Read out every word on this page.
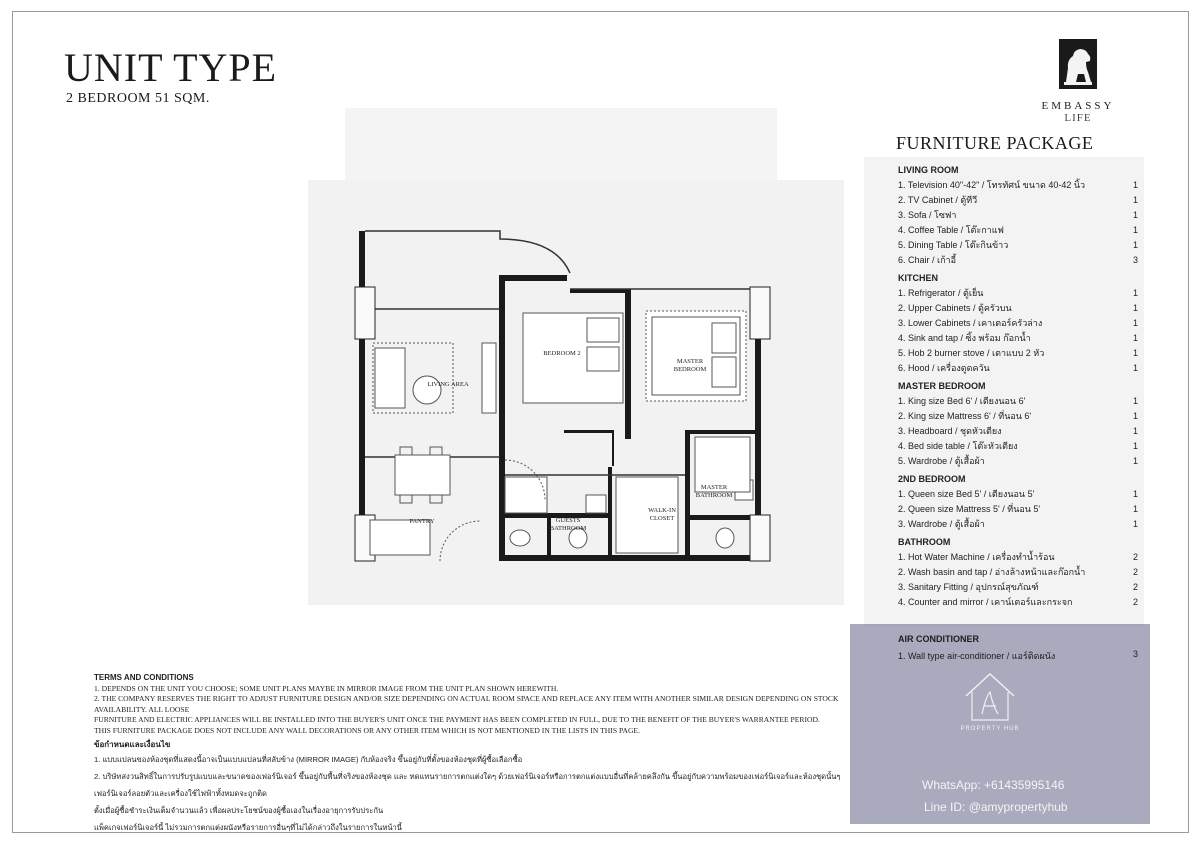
UNIT TYPE
2 BEDROOM 51 SQM.	EMBASSY
LIFE
LIVING AREA
BEDROOM 2
MASTER
BEDROOM
PANTRY	GUESTS
BATHROOM
WALK-IN
CLOSET
MASTER
BATHROOM
FURNITURE PACKAGE
LIVING ROOM
1. Television 40"-42" / โทรทัศน์ ขนาด 40-42 นิ้ว	1
2. TV Cabinet / ตู้ทีวี	1
3. Sofa / โซฟา	1
4. Coffee Table / โต๊ะกาแฟ	1
5. Dining Table / โต๊ะกินข้าว	1
6. Chair / เก้าอี้	3
KITCHEN
1. Refrigerator / ตู้เย็น	1
2. Upper Cabinets / ตู้ครัวบน	1
3. Lower Cabinets / เคาเตอร์ครัวล่าง	1
4. Sink and tap / ซิ้ง พร้อม ก๊อกน้ำ	1
5. Hob 2 burner stove / เตาแบบ 2 หัว	1
6. Hood / เครื่องดูดควัน	1
MASTER BEDROOM
1. King size Bed 6' / เตียงนอน 6'	1
2. King size Mattress 6' / ที่นอน 6'	1
3. Headboard / ชุดหัวเตียง	1
4. Bed side table / โต๊ะหัวเตียง	1
5. Wardrobe / ตู้เสื้อผ้า	1
2ND BEDROOM
1. Queen size Bed 5' / เตียงนอน 5'	1
2. Queen size Mattress 5' / ที่นอน 5'	1
3. Wardrobe / ตู้เสื้อผ้า	1
BATHROOM
1. Hot Water Machine / เครื่องทำน้ำร้อน	2
2. Wash basin and tap / อ่างล้างหน้าและก๊อกน้ำ	2
3. Sanitary Fitting / อุปกรณ์สุขภัณฑ์	2
4. Counter and mirror / เคาน์เตอร์และกระจก	2
TERMS AND CONDITIONS
1. DEPENDS ON THE UNIT YOU CHOOSE; SOME UNIT PLANS MAYBE IN MIRROR IMAGE FROM THE UNIT PLAN SHOWN HEREWITH.
2. THE COMPANY RESERVES THE RIGHT TO ADJUST FURNITURE DESIGN AND/OR SIZE DEPENDING ON ACTUAL ROOM SPACE AND REPLACE ANY ITEM WITH ANOTHER SIMILAR DESIGN DEPENDING ON STOCK AVAILABILITY. ALL LOOSE
FURNITURE AND ELECTRIC APPLIANCES WILL BE INSTALLED INTO THE BUYER'S UNIT ONCE THE PAYMENT HAS BEEN COMPLETED IN FULL, DUE TO THE BENEFIT OF THE BUYER'S WARRANTEE PERIOD.
THIS FURNITURE PACKAGE DOES NOT INCLUDE ANY WALL DECORATIONS OR ANY OTHER ITEM WHICH IS NOT MENTIONED IN THE LISTS IN THIS PAGE.
ข้อกำหนดและเงื่อนไข
1. แบบแปลนของห้องชุดที่แสดงนี้อาจเป็นแบบแปลนที่สลับข้าง (MIRROR IMAGE) กับห้องจริง ขึ้นอยู่กับที่ตั้งของห้องชุดที่ผู้ซื้อเลือกซื้อ
2. บริษัทสงวนสิทธิ์ในการปรับรูปแบบและขนาดของเฟอร์นิเจอร์ ขึ้นอยู่กับพื้นที่จริงของห้องชุด และ ทดแทนรายการตกแต่งใดๆ ด้วยเฟอร์นิเจอร์หรือการตกแต่งแบบอื่นที่คล้ายคลึงกัน ขึ้นอยู่กับความพร้อมของเฟอร์นิเจอร์และห้องชุดนั้นๆ เฟอร์นิเจอร์ลอยตัวและเครื่องใช้ไฟฟ้าทั้งหมดจะถูกติด
ตั้งเมื่อผู้ซื้อชำระเงินเต็มจำนวนแล้ว เพื่อผลประโยชน์ของผู้ซื้อเองในเรื่องอายุการรับประกัน
แพ็คเกจเฟอร์นิเจอร์นี้ ไม่รวมการตกแต่งผนังหรือรายการอื่นๆที่ไม่ได้กล่าวถึงในรายการในหน้านี้
AIR CONDITIONER
1. Wall type air-conditioner / แอร์ติดผนัง	3
PROPERTY HUB
WhatsApp: +61435995146
Line ID: @amypropertyhub
